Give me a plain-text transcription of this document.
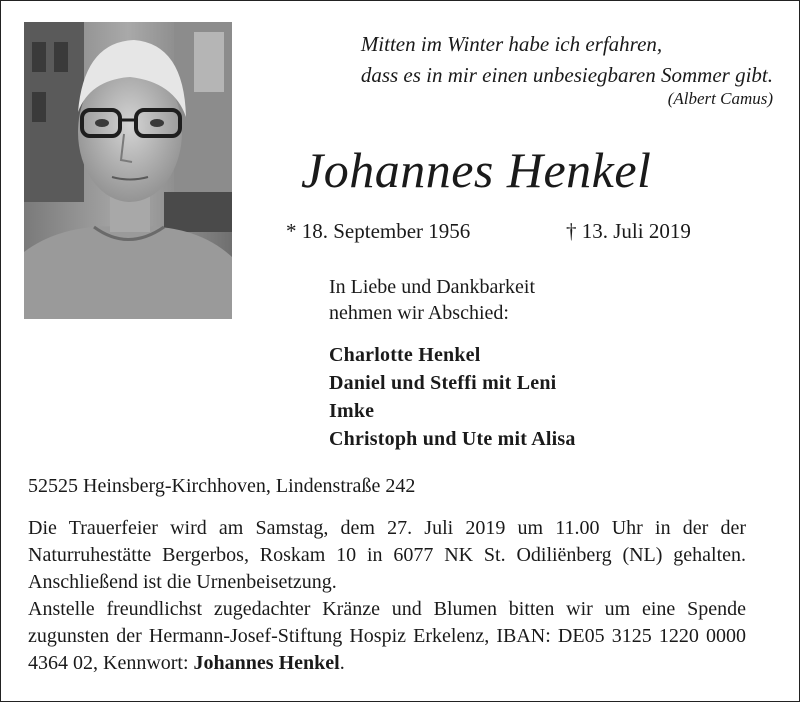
Mitten im Winter habe ich erfahren,
dass es in mir einen unbesiegbaren Sommer gibt.
(Albert Camus)
Johannes Henkel
* 18. September 1956	† 13. Juli 2019
In Liebe und Dankbarkeit
nehmen wir Abschied:
Charlotte Henkel
Daniel und Steffi mit Leni
Imke
Christoph und Ute mit Alisa
52525 Heinsberg-Kirchhoven, Lindenstraße 242

Die Trauerfeier wird am Samstag, dem 27. Juli 2019 um 11.00 Uhr in der der Naturruhestätte Bergerbos, Roskam 10 in 6077 NK St. Odiliënberg (NL) gehalten. Anschließend ist die Urnenbeisetzung.

Anstelle freundlichst zugedachter Kränze und Blumen bitten wir um eine Spende zugunsten der Hermann-Josef-Stiftung Hospiz Erkelenz, IBAN: DE05 3125 1220 0000 4364 02, Kennwort: Johannes Henkel.
